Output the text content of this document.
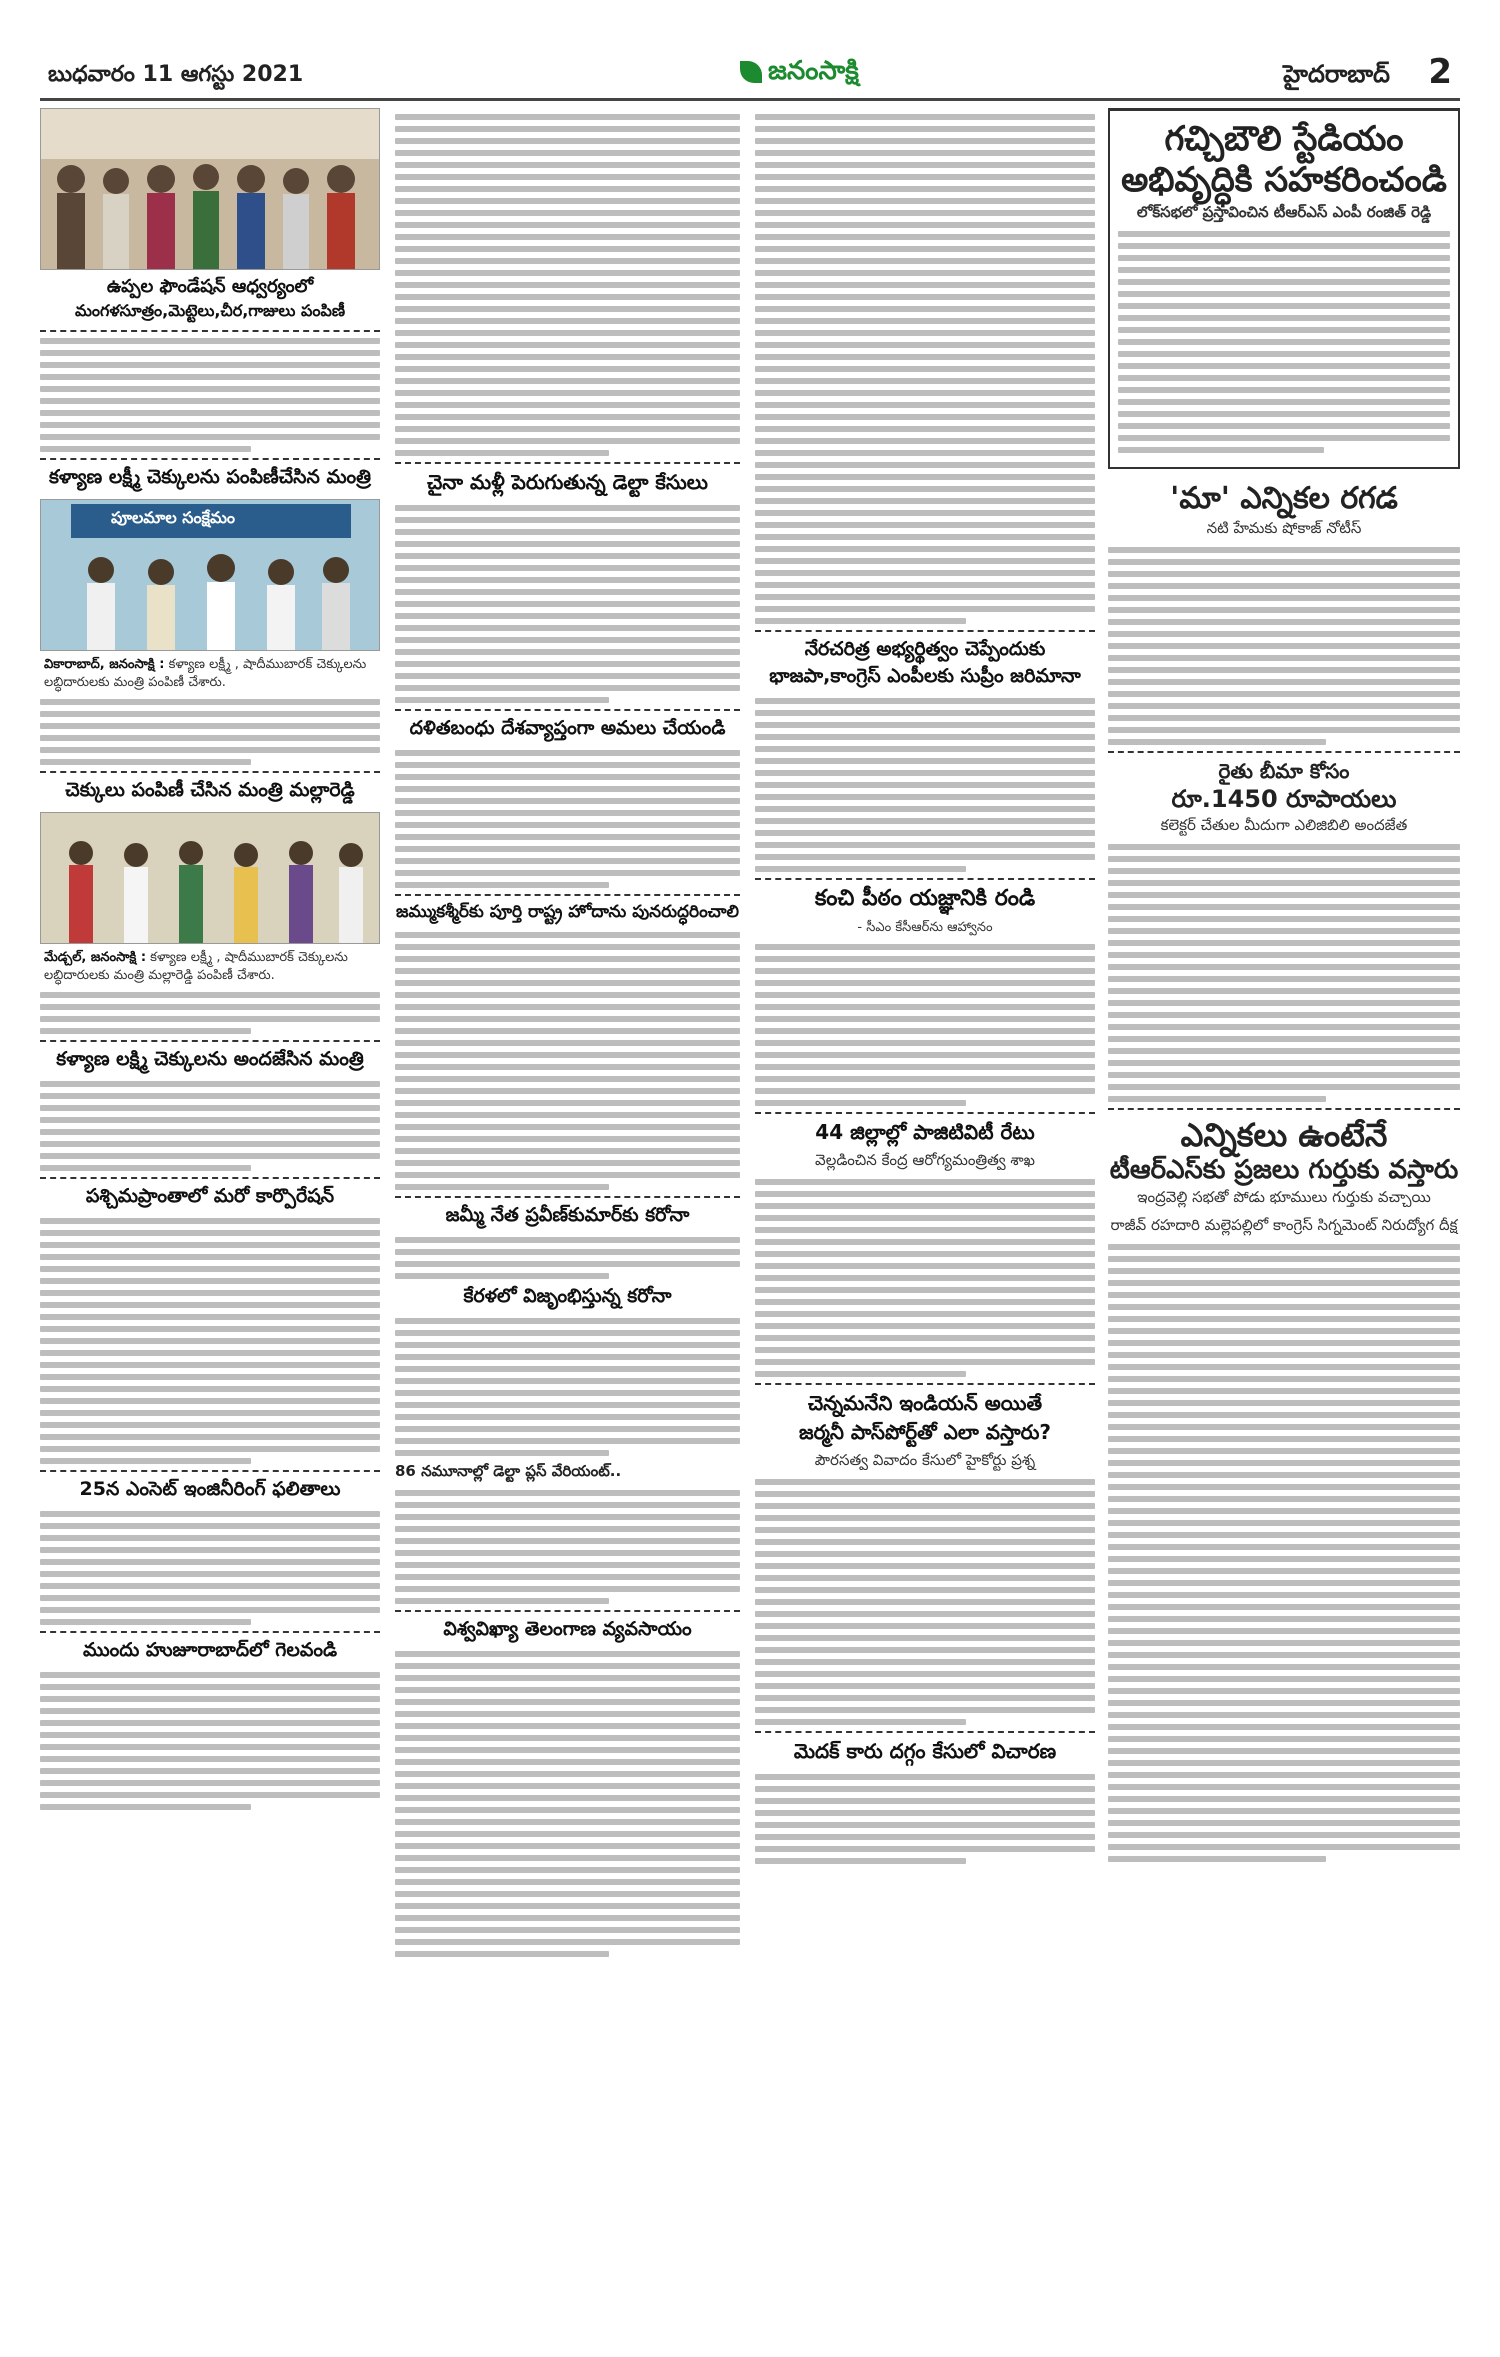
బుధవారం 11 ఆగస్టు 2021	జనంసాక్షి	హైదరాబాద్ 2
ఉప్పల ఫౌండేషన్ ఆధ్వర్యంలో
మంగళసూత్రం,మెట్టెలు,చీర,గాజులు పంపిణీ
కళ్యాణ లక్ష్మీ చెక్కులను పంపిణీచేసిన మంత్రి
పూలమాల సంక్షేమం
వికారాబాద్, జనంసాక్షి : కళ్యాణ లక్ష్మీ , షాదీముబారక్ చెక్కులను లబ్ధిదారులకు మంత్రి పంపిణీ చేశారు.
చెక్కులు పంపిణీ చేసిన మంత్రి మల్లారెడ్డి
మేడ్చల్, జనంసాక్షి : కళ్యాణ లక్ష్మీ , షాదీముబారక్ చెక్కులను లబ్ధిదారులకు మంత్రి మల్లారెడ్డి పంపిణీ చేశారు.
కళ్యాణ లక్ష్మి చెక్కులను అందజేసిన మంత్రి
పశ్చిమప్రాంతాలో మరో కార్పొరేషన్
25న ఎంసెట్ ఇంజినీరింగ్ ఫలితాలు
ముందు హుజూరాబాద్‌లో గెలవండి
చైనా మళ్లీ పెరుగుతున్న డెల్టా కేసులు
దళితబంధు దేశవ్యాప్తంగా అమలు చేయండి
జమ్ముకశ్మీర్‌కు పూర్తి రాష్ట్ర హోదాను పునరుద్ధరించాలి
జమ్మీ నేత ప్రవీణ్‌కుమార్‌కు కరోనా
కేరళలో విజృంభిస్తున్న కరోనా
86 నమూనాల్లో డెల్టా ప్లస్ వేరియంట్..
విశ్వవిఖ్యా తెలంగాణ వ్యవసాయం
నేరచరిత్ర అభ్యర్థిత్వం చెప్పేందుకు
భాజపా,కాంగ్రెస్ ఎంపీలకు సుప్రీం జరిమానా
కంచి పీఠం యజ్ఞానికి రండి
- సీఎం కేసీఆర్‌ను ఆహ్వానం
44 జిల్లాల్లో పాజిటివిటీ రేటు
వెల్లడించిన కేంద్ర ఆరోగ్యమంత్రిత్వ శాఖ
చెన్నమనేని ఇండియన్ అయితే
జర్మనీ పాస్‌పోర్ట్‌తో ఎలా వస్తారు?
పౌరసత్వ వివాదం కేసులో హైకోర్టు ప్రశ్న
మెదక్ కారు దగ్గం కేసులో విచారణ
గచ్చిబౌలి స్టేడియం
అభివృద్ధికి సహకరించండి
లోక్‌సభలో ప్రస్తావించిన టీఆర్ఎస్ ఎంపీ రంజిత్ రెడ్డి
'మా' ఎన్నికల రగడ
నటి హేమకు షోకాజ్ నోటీస్
రైతు బీమా కోసం
రూ.1450 రూపాయలు
కలెక్టర్ చేతుల మీదుగా ఎలిజిబిలి అందజేత
ఎన్నికలు ఉంటేనే
టీఆర్ఎస్‌కు ప్రజలు గుర్తుకు వస్తారు
ఇంద్రవెల్లి సభతో పోడు భూములు గుర్తుకు వచ్చాయి
రాజీవ్ రహదారి మల్లెపల్లిలో కాంగ్రెస్ సిగ్నమెంట్ నిరుద్యోగ దీక్ష
